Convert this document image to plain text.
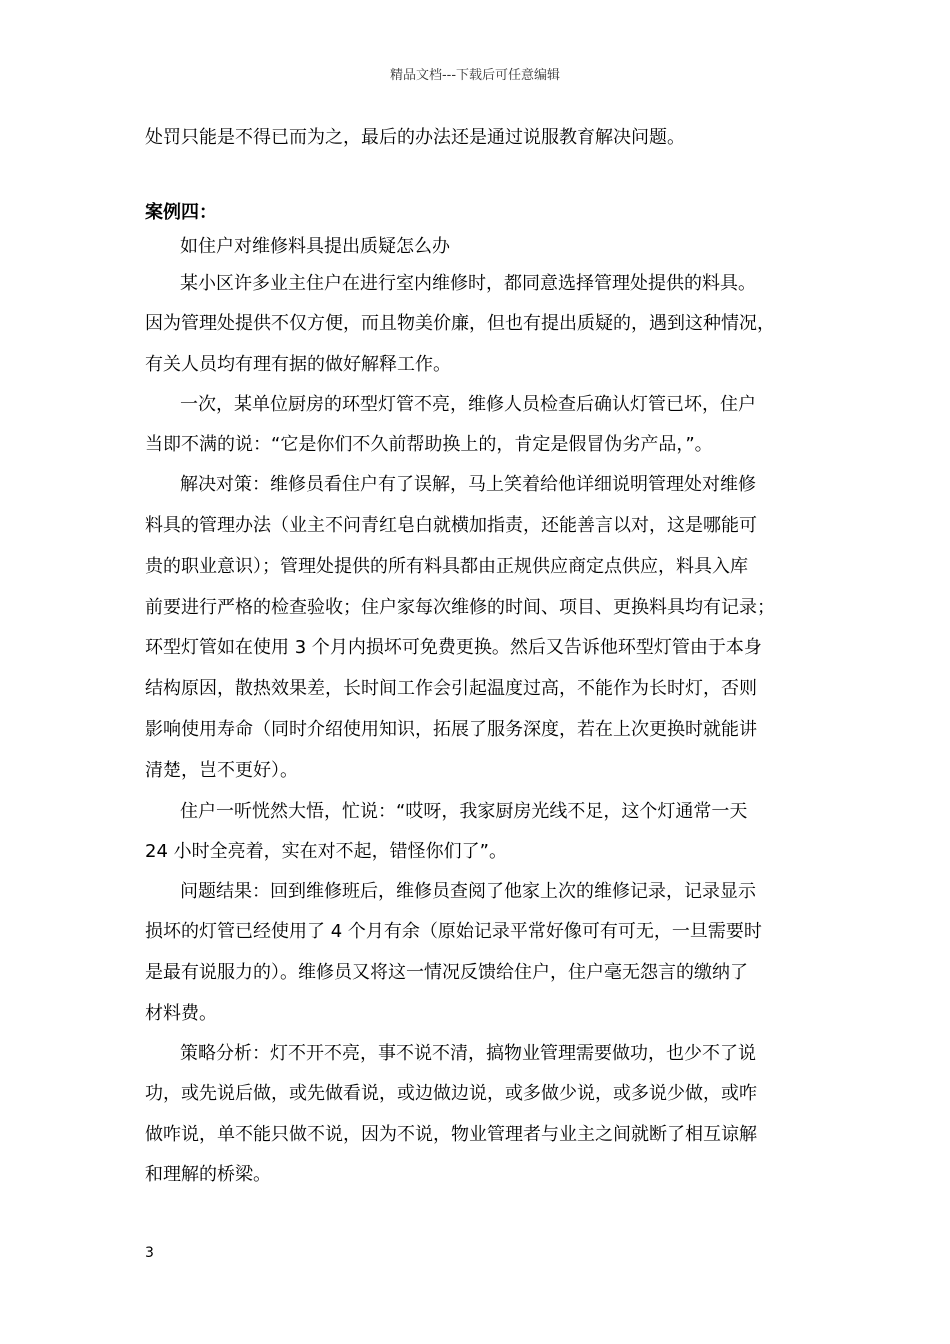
精品文档---下载后可任意编辑
处罚只能是不得已而为之，最后的办法还是通过说服教育解决问题。
案例四：
如住户对维修料具提出质疑怎么办
某小区许多业主住户在进行室内维修时，都同意选择管理处提供的料具。
因为管理处提供不仅方便，而且物美价廉，但也有提出质疑的，遇到这种情况，
有关人员均有理有据的做好解释工作。
一次，某单位厨房的环型灯管不亮，维修人员检查后确认灯管已坏，住户
当即不满的说：“它是你们不久前帮助换上的，肯定是假冒伪劣产品，”。
解决对策：维修员看住户有了误解，马上笑着给他详细说明管理处对维修
料具的管理办法（业主不问青红皂白就横加指责，还能善言以对，这是哪能可
贵的职业意识）；管理处提供的所有料具都由正规供应商定点供应，料具入库
前要进行严格的检查验收；住户家每次维修的时间、项目、更换料具均有记录；
环型灯管如在使用 3 个月内损坏可免费更换。然后又告诉他环型灯管由于本身
结构原因，散热效果差，长时间工作会引起温度过高，不能作为长时灯，否则
影响使用寿命（同时介绍使用知识，拓展了服务深度，若在上次更换时就能讲
清楚，岂不更好）。
住户一听恍然大悟，忙说：“哎呀，我家厨房光线不足，这个灯通常一天
24 小时全亮着，实在对不起，错怪你们了”。
问题结果：回到维修班后，维修员查阅了他家上次的维修记录，记录显示
损坏的灯管已经使用了 4 个月有余（原始记录平常好像可有可无，一旦需要时
是最有说服力的）。维修员又将这一情况反馈给住户，住户毫无怨言的缴纳了
材料费。
策略分析：灯不开不亮，事不说不清，搞物业管理需要做功，也少不了说
功，或先说后做，或先做看说，或边做边说，或多做少说，或多说少做，或咋
做咋说，单不能只做不说，因为不说，物业管理者与业主之间就断了相互谅解
和理解的桥梁。
3
